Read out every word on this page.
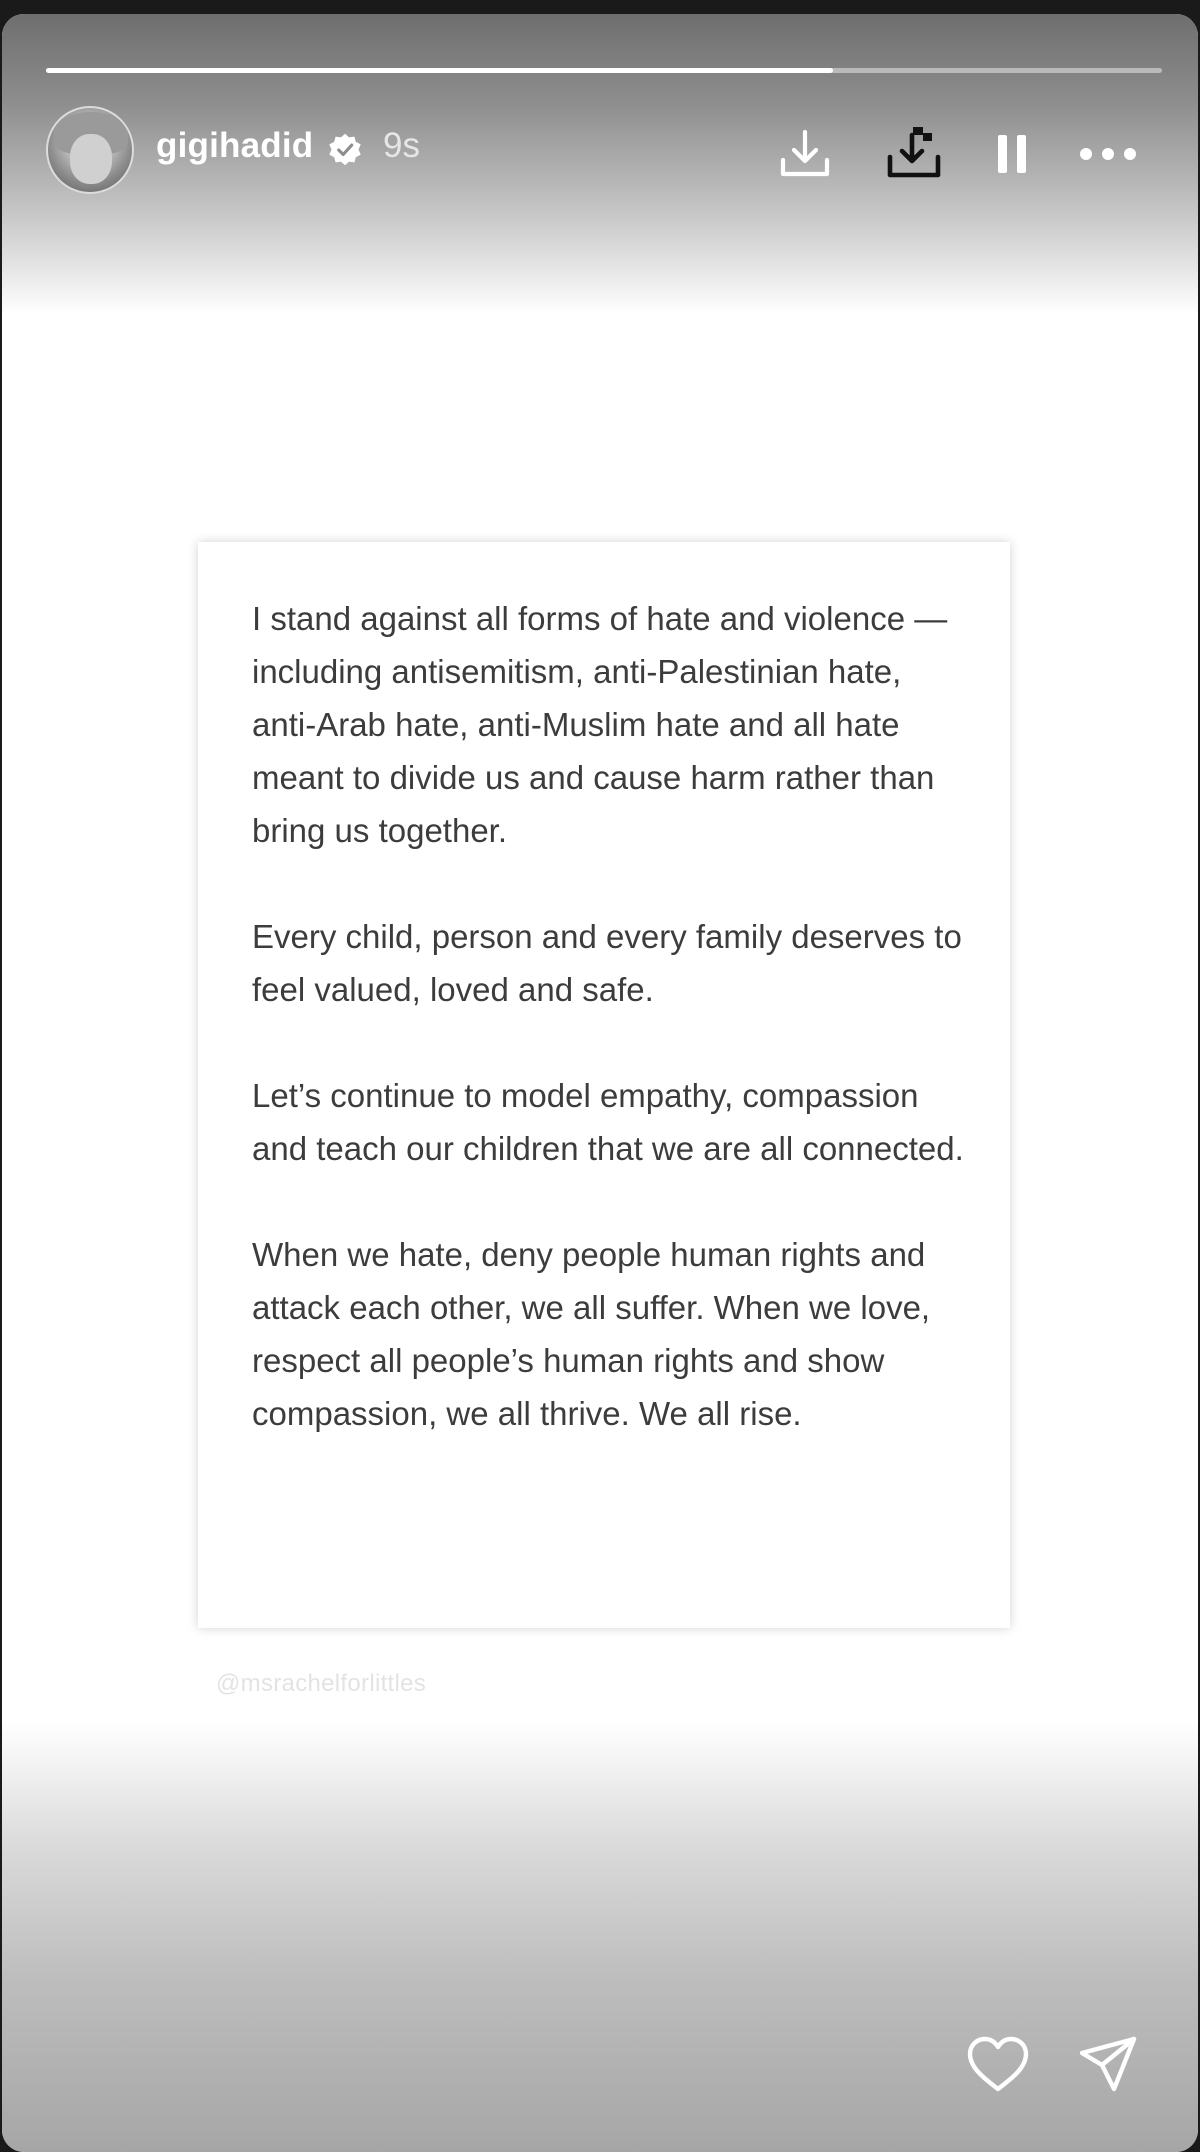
gigihadid 9s

I stand against all forms of hate and violence — including antisemitism, anti-Palestinian hate, anti-Arab hate, anti-Muslim hate and all hate meant to divide us and cause harm rather than bring us together.

Every child, person and every family deserves to feel valued, loved and safe.

Let’s continue to model empathy, compassion and teach our children that we are all connected.

When we hate, deny people human rights and attack each other, we all suffer. When we love, respect all people’s human rights and show compassion, we all thrive. We all rise.

@msrachelforlittles
